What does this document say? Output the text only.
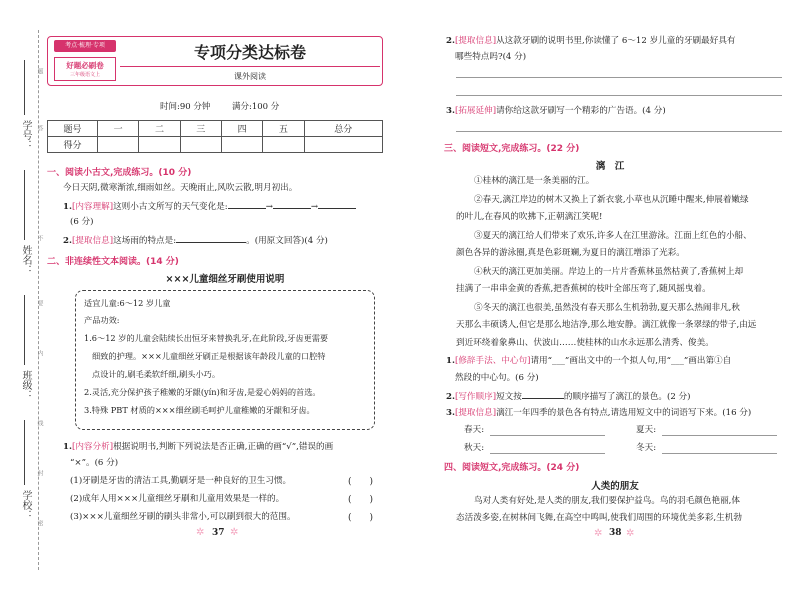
学号：
姓名：
班级：
学校：
题
答
不
要
内
线
封
密
考点·梳理·专项
好题必刷卷
三年级语文上
专项分类达标卷
课外阅读
时间:90 分钟	满分:100 分
题号	一	二	三	四	五	总分
得分						
一、阅读小古文,完成练习。(10 分)
今日天阴,微寒渐浓,细雨如丝。天晚雨止,风吹云散,明月初出。
1.[内容理解]这则小古文所写的天气变化是:	→	→
(6 分)
2.[提取信息]这场雨的特点是:	。(用原文回答)(4 分)
二、非连续性文本阅读。(14 分)
×××儿童细丝牙刷使用说明
适宜儿童:6～12 岁儿童
产品功效:
1.6～12 岁的儿童会陆续长出恒牙来替换乳牙,在此阶段,牙齿更需要
细致的护理。×××儿童细丝牙刷正是根据该年龄段儿童的口腔特
点设计的,刷毛柔软纤细,刷头小巧。
2.灵活,充分保护孩子稚嫩的牙龈(yín)和牙齿,是爱心妈妈的首选。
3.特殊 PBT 材质的×××细丝刷毛呵护儿童稚嫩的牙龈和牙齿。
1.[内容分析]根据说明书,判断下列说法是否正确,正确的画“√”,错误的画
“×”。(6 分)
(1)牙刷是牙齿的清洁工具,勤刷牙是一种良好的卫生习惯。	(　　)
(2)成年人用×××儿童细丝牙刷和儿童用效果是一样的。	(　　)
(3)×××儿童细丝牙刷的刷头非常小,可以刷到很大的范围。	(　　)
✲ 37 ✲
2.[提取信息]从这款牙刷的说明书里,你读懂了 6～12 岁儿童的牙刷最好具有
哪些特点吗?(4 分)
3.[拓展延伸]请你给这款牙刷写一个精彩的广告语。(4 分)
三、阅读短文,完成练习。(22 分)
漓　江
①桂林的漓江是一条美丽的江。
②春天,漓江岸边的树木又换上了新衣裳,小草也从沉睡中醒来,伸展着嫩绿
的叶儿,在春风的吹拂下,正朝漓江笑呢!
③夏天的漓江给人们带来了欢乐,许多人在江里游泳。江面上红色的小船、
颜色各异的游泳圈,真是色彩斑斓,为夏日的漓江增添了光彩。
④秋天的漓江更加美丽。岸边上的一片片香蕉林虽然枯黄了,香蕉树上却
挂满了一串串金黄的香蕉,把香蕉树的枝叶全部压弯了,随风摇曳着。
⑤冬天的漓江也很美,虽然没有春天那么生机勃勃,夏天那么热闹非凡,秋
天那么丰硕诱人,但它是那么地洁净,那么地安静。漓江就像一条翠绿的带子,由远
到近环绕着象鼻山、伏波山……使桂林的山水永远那么清秀、俊美。
1.[修辞手法、中心句]请用“___”画出文中的一个拟人句,用“___”画出第①自
然段的中心句。(6 分)
2.[写作顺序]短文按	的顺序描写了漓江的景色。(2 分)
3.[提取信息]漓江一年四季的景色各有特点,请选用短文中的词语写下来。(16 分)
春天:	夏天:
秋天:	冬天:
四、阅读短文,完成练习。(24 分)
人类的朋友
鸟对人类有好处,是人类的朋友,我们要保护益鸟。鸟的羽毛颜色艳丽,体
态活泼多姿,在树林间飞舞,在高空中鸣叫,使我们周围的环境优美多彩,生机勃
✲ 38 ✲
